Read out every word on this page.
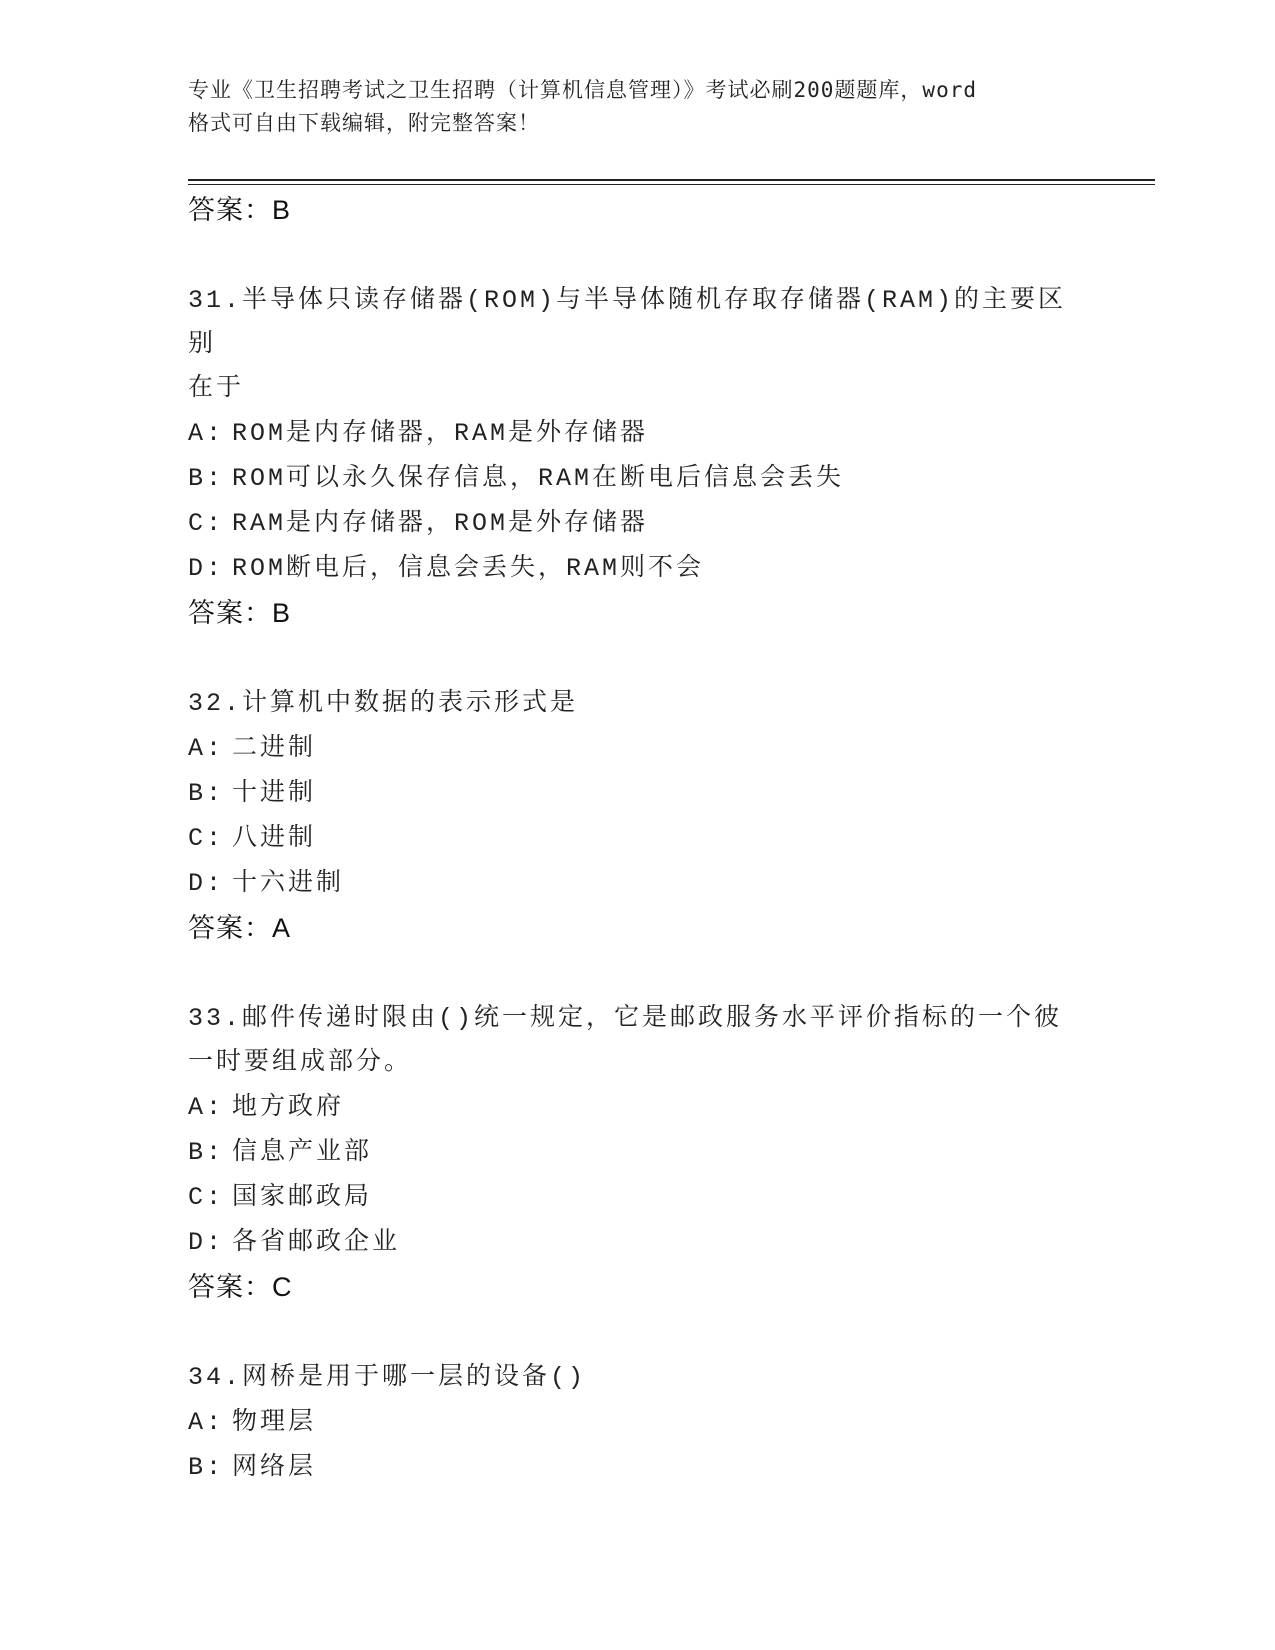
专业《卫生招聘考试之卫生招聘（计算机信息管理）》考试必刷200题题库，word
格式可自由下载编辑，附完整答案！
答案：B
31.半导体只读存储器(ROM)与半导体随机存取存储器(RAM)的主要区别
在于
A: ROM是内存储器，RAM是外存储器
B: ROM可以永久保存信息，RAM在断电后信息会丢失
C: RAM是内存储器，ROM是外存储器
D: ROM断电后，信息会丢失，RAM则不会
答案：B
32.计算机中数据的表示形式是
A: 二进制
B: 十进制
C: 八进制
D: 十六进制
答案：A
33.邮件传递时限由()统一规定，它是邮政服务水平评价指标的一个彼
一时要组成部分。
A: 地方政府
B: 信息产业部
C: 国家邮政局
D: 各省邮政企业
答案：C
34.网桥是用于哪一层的设备()
A: 物理层
B: 网络层
